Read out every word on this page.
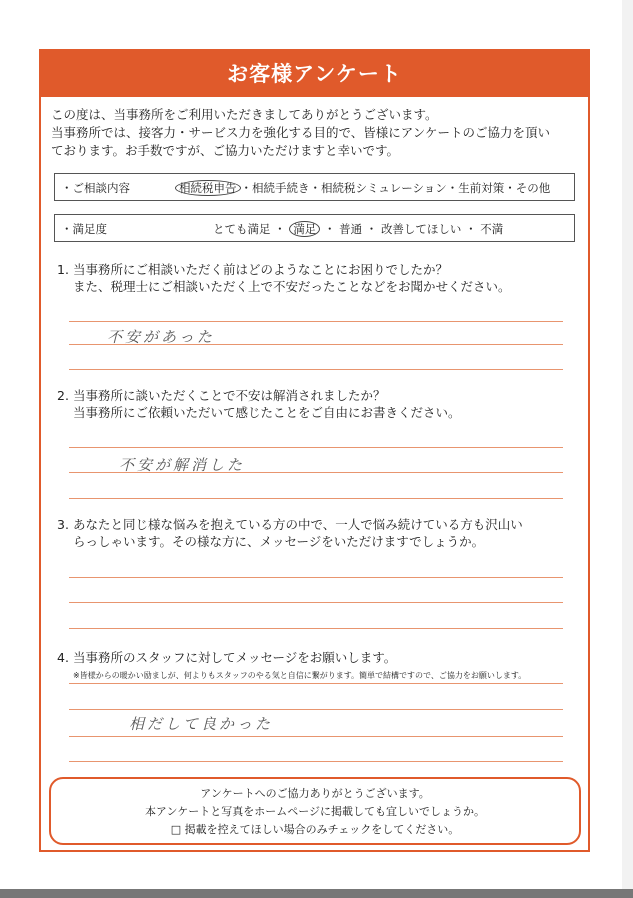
お客様アンケート
この度は、当事務所をご利用いただきましてありがとうございます。
当事務所では、接客力・サービス力を強化する目的で、皆様にアンケートのご協力を頂い
ております。お手数ですが、ご協力いただけますと幸いです。
・ご相談内容	相続税申告 ・相続手続き・相続税シミュレーション・生前対策・その他
・満足度	とても満足 ・ 満足 ・ 普通 ・ 改善してほしい ・ 不満
1. 当事務所にご相談いただく前はどのようなことにお困りでしたか？
また、税理士にご相談いただく上で不安だったことなどをお聞かせください。
不安があった
2. 当事務所に談いただくことで不安は解消されましたか？
当事務所にご依頼いただいて感じたことをご自由にお書きください。
不安が解消した
3. あなたと同じ様な悩みを抱えている方の中で、一人で悩み続けている方も沢山い
らっしゃいます。その様な方に、メッセージをいただけますでしょうか。
4. 当事務所のスタッフに対してメッセージをお願いします。
※皆様からの暖かい励ましが、何よりもスタッフのやる気と自信に繋がります。簡単で結構ですので、ご協力をお願いします。
相だして良かった
アンケートへのご協力ありがとうございます。
本アンケートと写真をホームページに掲載しても宜しいでしょうか。
□ 掲載を控えてほしい場合のみチェックをしてください。
